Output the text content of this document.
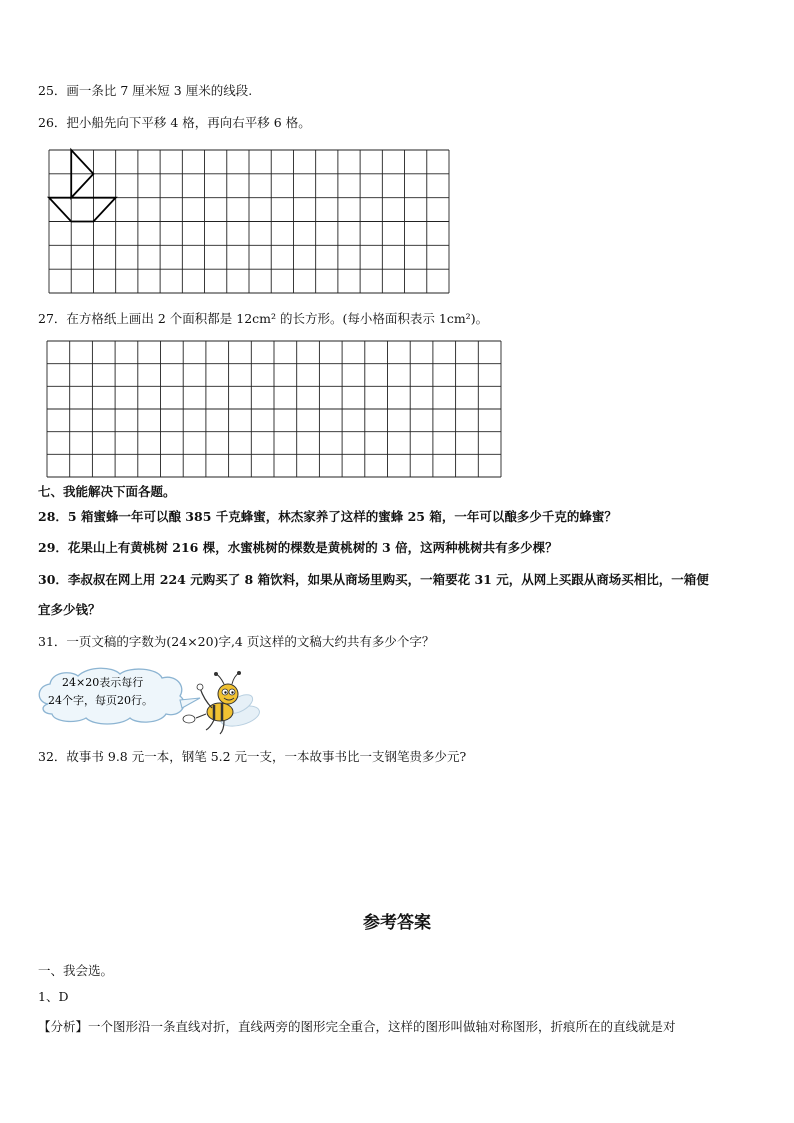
25．画一条比 7 厘米短 3 厘米的线段.
26．把小船先向下平移 4 格，再向右平移 6 格。
27．在方格纸上画出 2 个面积都是 12cm² 的长方形。(每小格面积表示 1cm²)。
七、我能解决下面各题。
28．5 箱蜜蜂一年可以酿 385 千克蜂蜜，林杰家养了这样的蜜蜂 25 箱，一年可以酿多少千克的蜂蜜？
29．花果山上有黄桃树 216 棵，水蜜桃树的棵数是黄桃树的 3 倍，这两种桃树共有多少棵？
30．李叔叔在网上用 224 元购买了 8 箱饮料，如果从商场里购买，一箱要花 31 元，从网上买跟从商场买相比，一箱便
宜多少钱？
31．一页文稿的字数为(24×20)字,4 页这样的文稿大约共有多少个字？
24×20表示每行
24个字，每页20行。
32．故事书 9.8 元一本，钢笔 5.2 元一支，一本故事书比一支钢笔贵多少元?
参考答案
一、我会选。
1、D
【分析】一个图形沿一条直线对折，直线两旁的图形完全重合，这样的图形叫做轴对称图形，折痕所在的直线就是对
